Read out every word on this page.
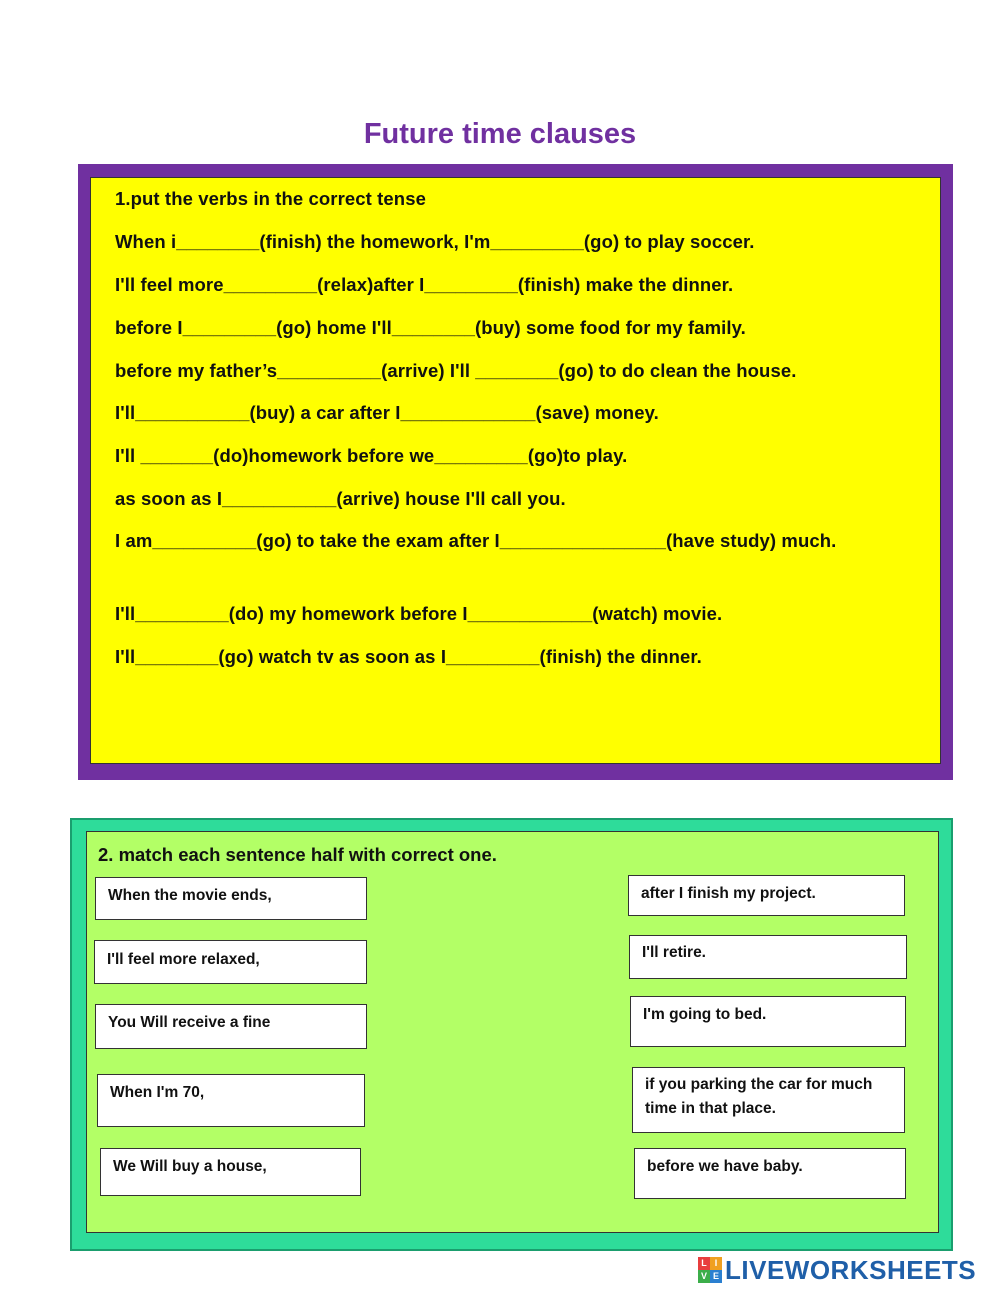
Future time clauses
1.put the verbs in the correct tense
When i________(finish) the homework, I'm_________(go) to play soccer.
I'll feel more_________(relax)after I_________(finish) make the dinner.
before I_________(go) home I'll________(buy) some food for my family.
before my father’s__________(arrive) I'll ________(go) to do clean the house.
I'll___________(buy) a car after I_____________(save) money.
I'll _______(do)homework before we_________(go)to play.
as soon as I___________(arrive) house I'll call you.
I am__________(go) to take the exam after I________________(have study) much.
I'll_________(do) my homework before I____________(watch) movie.
I'll________(go) watch tv as soon as I_________(finish) the dinner.
2. match each sentence half with correct one.
When the movie ends,
I'll feel more relaxed,
You Will receive a fine
When I'm 70,
We Will buy a house,
after I finish my project.
I'll retire.
I'm going to bed.
if you parking the car for much time in that place.
before we have baby.
L I
V E LIVEWORKSHEETS
